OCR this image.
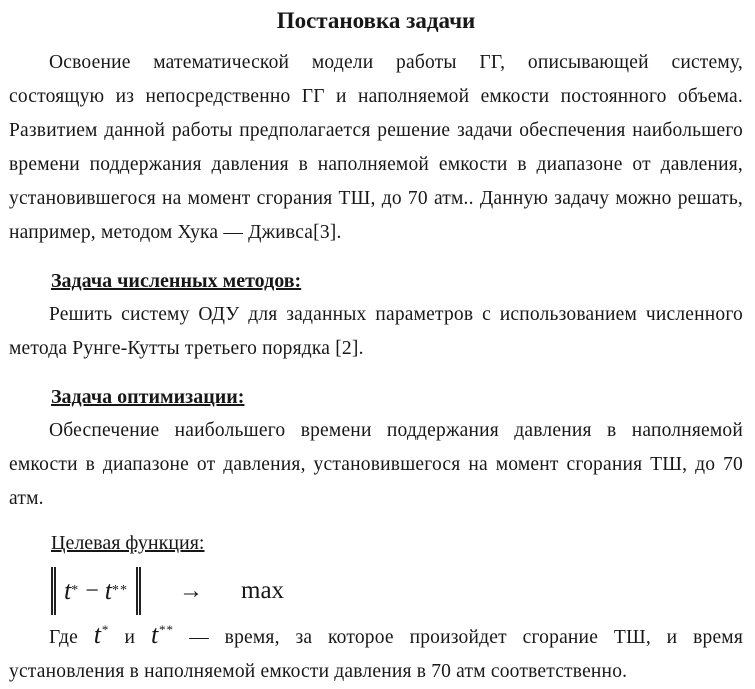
Постановка задачи
Освоение математической модели работы ГГ, описывающей систему,
состоящую из непосредственно ГГ и наполняемой емкости постоянного объема.
Развитием данной работы предполагается решение задачи обеспечения наибольшего
времени поддержания давления в наполняемой емкости в диапазоне от давления,
установившегося на момент сгорания ТШ, до 70 атм.. Данную задачу можно решать,
например, методом Хука — Дживса[3].
Задача численных методов:
Решить систему ОДУ для заданных параметров с использованием численного
метода Рунге-Кутты третьего порядка [2].
Задача оптимизации:
Обеспечение наибольшего времени поддержания давления в наполняемой
емкости в диапазоне от давления, установившегося на момент сгорания ТШ, до 70
атм.
Целевая функция:
t * − t ** → max
Где t* и t** — время, за которое произойдет сгорание ТШ, и время
установления в наполняемой емкости давления в 70 атм соответственно.
